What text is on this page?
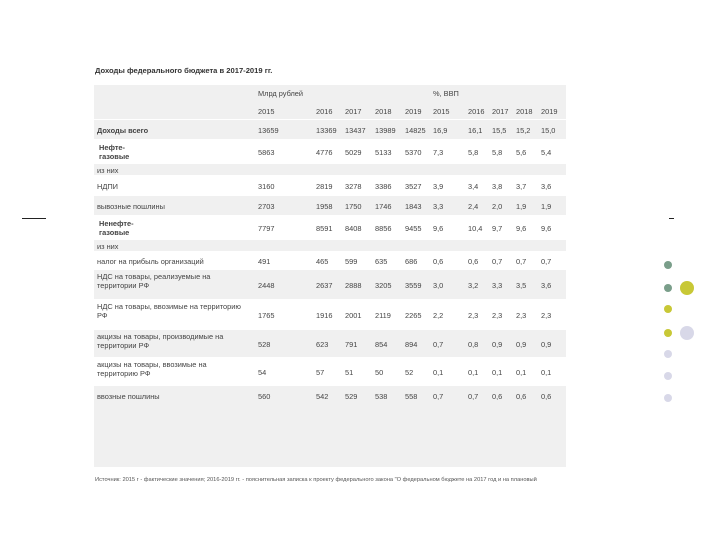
Доходы федерального бюджета в 2017-2019 гг.
Млрд рублей	%, ВВП
2015	2016 2017 2018 2019 2015	2016 2017 2018 2019
Доходы всего	13659	13369 13437 13989 14825 16,9	16,1 15,5 15,2 15,0
Нефте-газовые	5863	4776 5029 5133 5370 7,3	5,8 5,8 5,6 5,4
из них
НДПИ	3160	2819 3278 3386 3527 3,9	3,4 3,8 3,7 3,6
вывозные пошлины	2703	1958 1750 1746 1843 3,3	2,4 2,0 1,9 1,9
Ненефте-газовые	7797	8591 8408 8856 9455 9,6	10,4 9,7 9,6 9,6
из них
налог на прибыль организаций	491	465 599 635 686 0,6	0,6 0,7 0,7 0,7
НДС на товары, реализуемые на территории РФ	2448	2637 2888 3205 3559 3,0	3,2 3,3 3,5 3,6
НДС на товары, ввозимые на территорию РФ	1765	1916 2001 2119 2265 2,2	2,3 2,3 2,3 2,3
акцизы на товары, производимые на территории РФ	528	623 791 854 894 0,7	0,8 0,9 0,9 0,9
акцизы на товары, ввозимые на территорию РФ	54	57	51	50	52	0,1	0,1 0,1 0,1 0,1
ввозные пошлины	560	542 529 538 558 0,7	0,7 0,6 0,6 0,6
Источник: 2015 г - фактические значения; 2016-2019 гг. - пояснительная записка к проекту федерального закона "О федеральном бюджете на 2017 год и на плановый
